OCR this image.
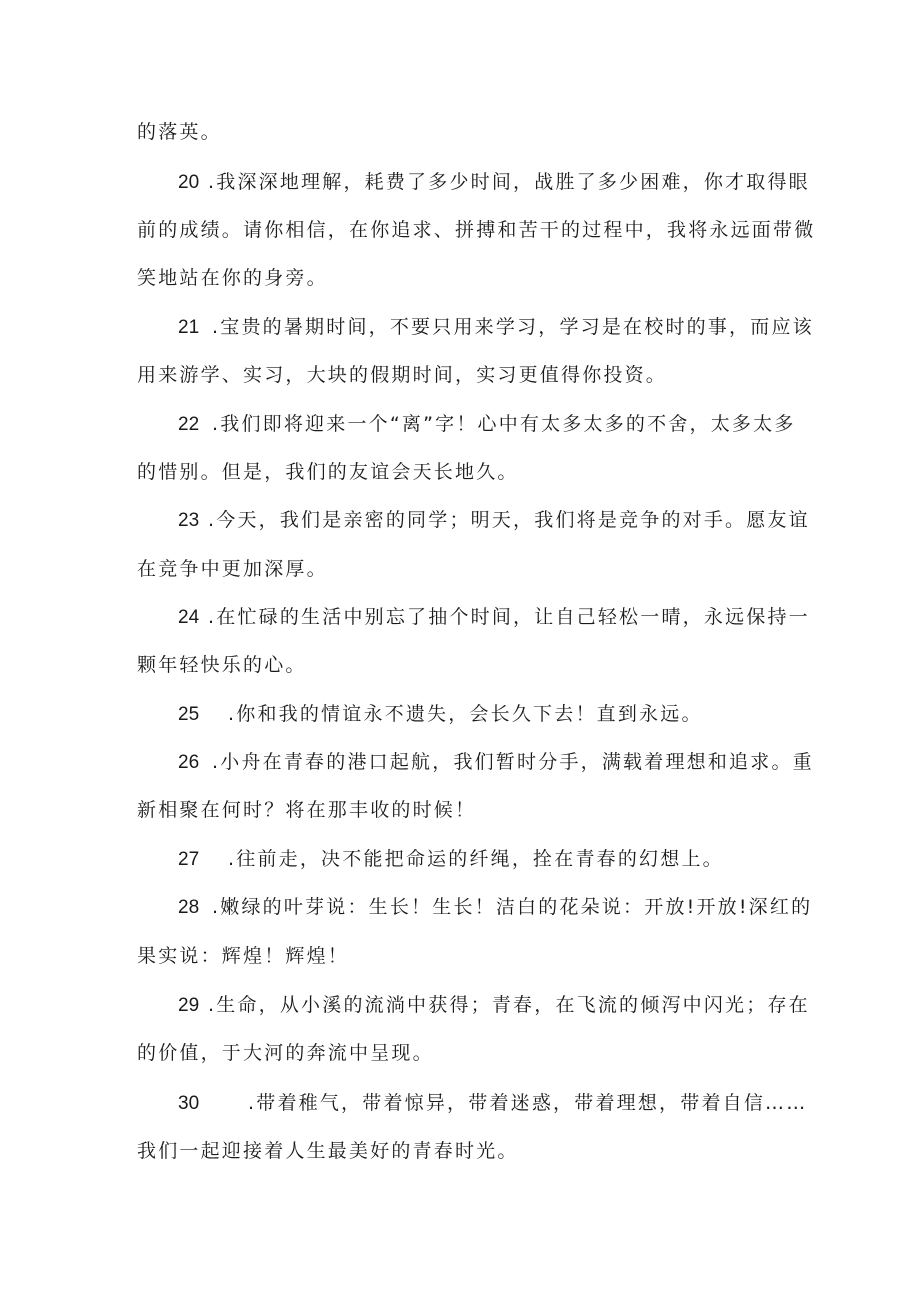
的落英。
20 .我深深地理解，耗费了多少时间，战胜了多少困难，你才取得眼
前的成绩。请你相信，在你追求、拼搏和苦干的过程中，我将永远面带微
笑地站在你的身旁。
21 .宝贵的暑期时间，不要只用来学习，学习是在校时的事，而应该
用来游学、实习，大块的假期时间，实习更值得你投资。
22 .我们即将迎来一个“离”字！心中有太多太多的不舍，太多太多
的惜别。但是，我们的友谊会天长地久。
23 .今天，我们是亲密的同学；明天，我们将是竞争的对手。愿友谊
在竞争中更加深厚。
24 .在忙碌的生活中别忘了抽个时间，让自己轻松一晴，永远保持一
颗年轻快乐的心。
25 .你和我的情谊永不遗失，会长久下去！直到永远。
26 .小舟在青春的港口起航，我们暂时分手，满载着理想和追求。重
新相聚在何时？将在那丰收的时候！
27 .往前走，决不能把命运的纤绳，拴在青春的幻想上。
28 .嫩绿的叶芽说：生长！生长！洁白的花朵说：开放!开放!深红的
果实说：辉煌！辉煌！
29 .生命，从小溪的流淌中获得；青春，在飞流的倾泻中闪光；存在
的价值，于大河的奔流中呈现。
30	.带着稚气，带着惊异，带着迷惑，带着理想，带着自信……
我们一起迎接着人生最美好的青春时光。
